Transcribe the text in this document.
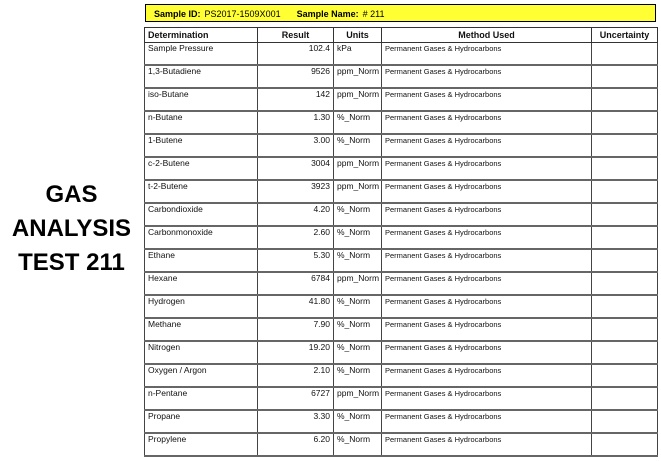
GAS
ANALYSIS
TEST 211
Sample ID: PS2017-1509X001 Sample Name: # 211
Determination	Result	Units	Method Used	Uncertainty
Sample Pressure	102.4	kPa	Permanent Gases & Hydrocarbons	
1,3-Butadiene	9526	ppm_Norm	Permanent Gases & Hydrocarbons	
iso-Butane	142	ppm_Norm	Permanent Gases & Hydrocarbons	
n-Butane	1.30	%_Norm	Permanent Gases & Hydrocarbons	
1-Butene	3.00	%_Norm	Permanent Gases & Hydrocarbons	
c-2-Butene	3004	ppm_Norm	Permanent Gases & Hydrocarbons	
t-2-Butene	3923	ppm_Norm	Permanent Gases & Hydrocarbons	
Carbondioxide	4.20	%_Norm	Permanent Gases & Hydrocarbons	
Carbonmonoxide	2.60	%_Norm	Permanent Gases & Hydrocarbons	
Ethane	5.30	%_Norm	Permanent Gases & Hydrocarbons	
Hexane	6784	ppm_Norm	Permanent Gases & Hydrocarbons	
Hydrogen	41.80	%_Norm	Permanent Gases & Hydrocarbons	
Methane	7.90	%_Norm	Permanent Gases & Hydrocarbons	
Nitrogen	19.20	%_Norm	Permanent Gases & Hydrocarbons	
Oxygen / Argon	2.10	%_Norm	Permanent Gases & Hydrocarbons	
n-Pentane	6727	ppm_Norm	Permanent Gases & Hydrocarbons	
Propane	3.30	%_Norm	Permanent Gases & Hydrocarbons	
Propylene	6.20	%_Norm	Permanent Gases & Hydrocarbons	
